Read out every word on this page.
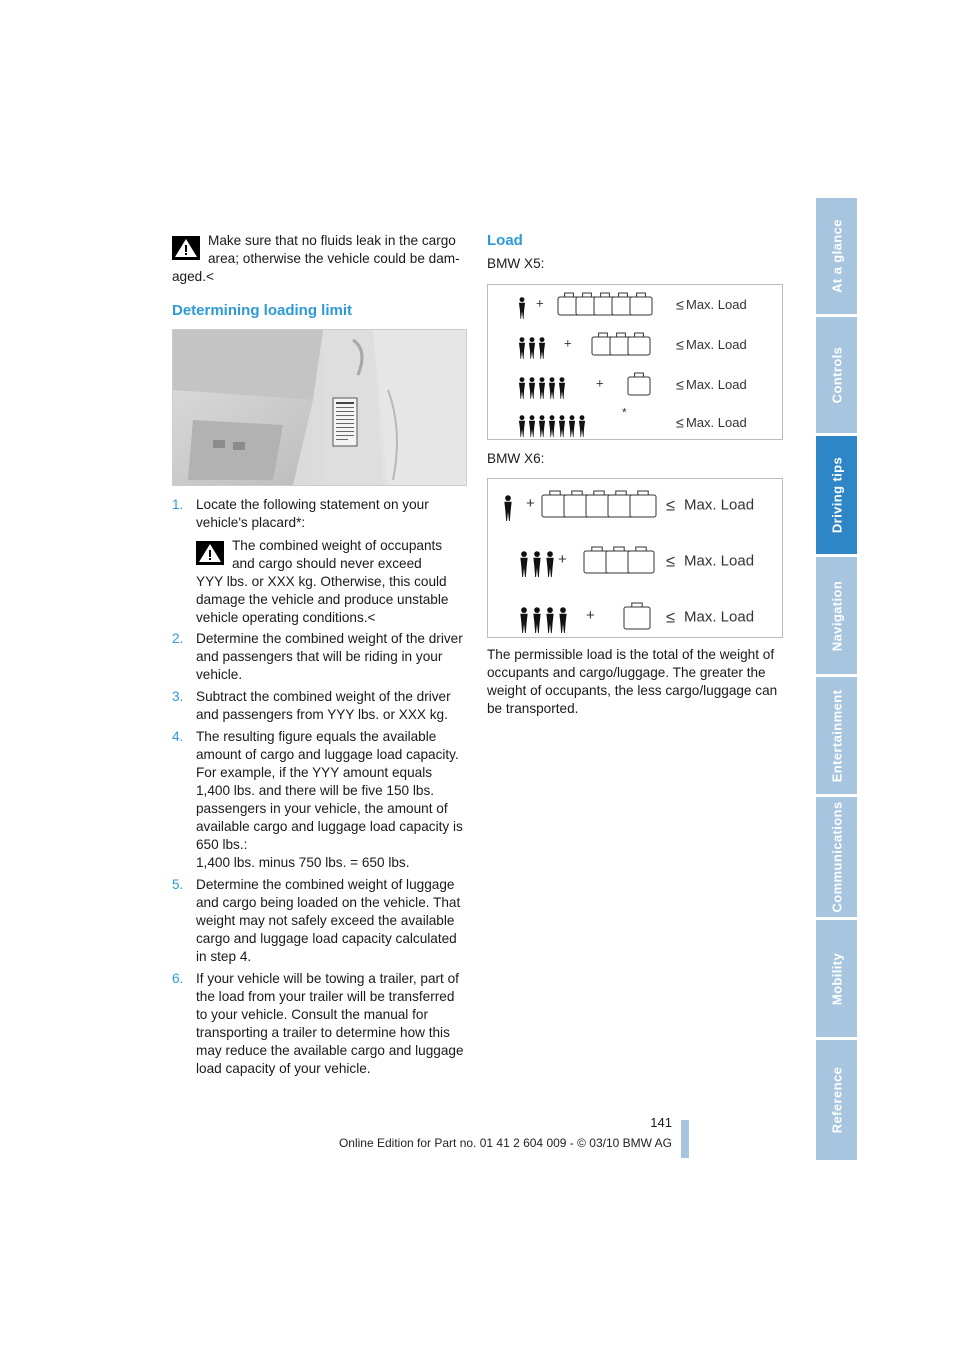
Make sure that no fluids leak in the cargo
area; otherwise the vehicle could be dam-
aged.<
Determining loading limit
1. Locate the following statement on your vehicle's placard*:
The combined weight of occupants
and cargo should never exceed
YYY lbs. or XXX kg. Otherwise, this could damage the vehicle and produce unstable vehicle operating conditions.<
2. Determine the combined weight of the driver and passengers that will be riding in your vehicle.
3. Subtract the combined weight of the driver and passengers from YYY lbs. or XXX kg.
4. The resulting figure equals the available amount of cargo and luggage load capacity. For example, if the YYY amount equals 1,400 lbs. and there will be five 150 lbs. passengers in your vehicle, the amount of available cargo and luggage load capacity is 650 lbs.:
1,400 lbs. minus 750 lbs. = 650 lbs.
5. Determine the combined weight of luggage and cargo being loaded on the vehicle. That weight may not safely exceed the available cargo and luggage load capacity calculated in step 4.
6. If your vehicle will be towing a trailer, part of the load from your trailer will be transferred to your vehicle. Consult the manual for transporting a trailer to determine how this may reduce the available cargo and luggage load capacity of your vehicle.
Load
BMW X5:
+	≤ Max. Load
+	≤ Max. Load
+	≤ Max. Load
*
≤ Max. Load
BMW X6:
+	≤ Max. Load
+	≤ Max. Load
+	≤ Max. Load
The permissible load is the total of the weight of occupants and cargo/luggage. The greater the weight of occupants, the less cargo/luggage can be transported.
At a glance
Controls
Driving tips
Navigation
Entertainment
Communications
Mobility
Reference
141
Online Edition for Part no. 01 41 2 604 009 - © 03/10 BMW AG
